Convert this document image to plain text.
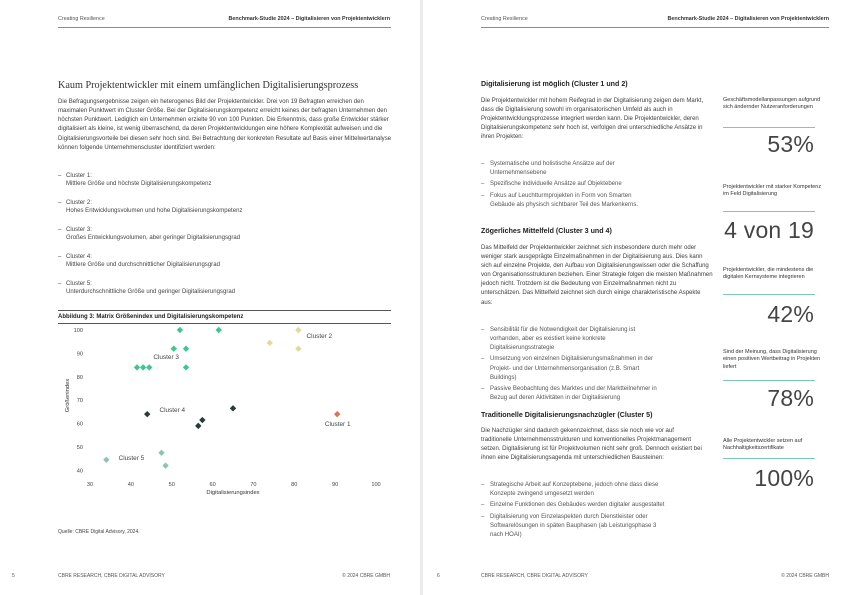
Creating Resilience	Benchmark-Studie 2024 – Digitalisieren von Projektentwicklern
Kaum Projektentwickler mit einem umfänglichen Digitalisierungsprozess

Die Befragungsergebnisse zeigen ein heterogenes Bild der Projektentwickler. Drei von 19 Befragten erreichen den maximalen Punktwert im Cluster Größe. Bei der Digitalisierungskompetenz erreicht keines der befragten Unternehmen den höchsten Punktwert. Lediglich ein Unternehmen erzielte 90 von 100 Punkten. Die Erkenntnis, dass große Entwickler stärker digitalisiert als kleine, ist wenig überraschend, da deren Projektentwicklungen eine höhere Komplexität aufweisen und die Digitalisierungsvorteile bei diesen sehr hoch sind. Bei Betrachtung der konkreten Resultate auf Basis einer Mittelwertanalyse können folgende Unternehmenscluster identifiziert werden:

– Cluster 1:
Mittlere Größe und höchste Digitalisierungskompetenz
– Cluster 2:
Hohes Entwicklungsvolumen und hohe Digitalisierungskompetenz
– Cluster 3:
Großes Entwicklungsvolumen, aber geringer Digitalisierungsgrad
– Cluster 4:
Mittlere Größe und durchschnittlicher Digitalisierungsgrad
– Cluster 5:
Unterdurchschnittliche Größe und geringer Digitalisierungsgrad
Abbildung 3: Matrix Größenindex und Digitalisierungskompetenz
40
50
60
70
80
90
100
30	40	50	60	70	80	90	100
Digitalisierungsindex
Größenindex
Cluster 1
Cluster 2
Cluster 3
Cluster 4
Cluster 5
Quelle: CBRE Digital Advisory, 2024.
5	CBRE RESEARCH, CBRE DIGITAL ADVISORY	© 2024 CBRE GMBH
Creating Resilience	Benchmark-Studie 2024 – Digitalisieren von Projektentwicklern
Digitalisierung ist möglich (Cluster 1 und 2)
Die Projektentwickler mit hohem Reifegrad in der Digitalisierung zeigen dem Markt, dass die Digitalisierung sowohl im organisatorischen Umfeld als auch in Projektentwicklungsprozesse integriert werden kann. Die Projektentwickler, deren Digitalisierungskompetenz sehr hoch ist, verfolgen drei unterschiedliche Ansätze in ihren Projekten:
– Systematische und holistische Ansätze auf der Unternehmensebene
– Spezifische individuelle Ansätze auf Objektebene
– Fokus auf Leuchtturmprojekten in Form von Smarten Gebäude als physisch sichtbarer Teil des Markenkerns.
Zögerliches Mittelfeld (Cluster 3 und 4)
Das Mittelfeld der Projektentwickler zeichnet sich insbesondere durch mehr oder weniger stark ausgeprägte Einzelmaßnahmen in der Digitalisierung aus. Dies kann sich auf einzelne Projekte, den Aufbau von Digitalisierungswissen oder die Schaffung von Organisationsstrukturen beziehen. Einer Strategie folgen die meisten Maßnahmen jedoch nicht. Trotzdem ist die Bedeutung von Einzelmaßnahmen nicht zu unterschätzen. Das Mittelfeld zeichnet sich durch einige charakteristische Aspekte aus:
– Sensibilität für die Notwendigkeit der Digitalisierung ist vorhanden, aber es existiert keine konkrete Digitalisierungsstrategie
– Umsetzung von einzelnen Digitalisierungsmaßnahmen in der Projekt- und der Unternehmensorganisation (z.B. Smart Buildings)
– Passive Beobachtung des Marktes und der Marktteilnehmer in Bezug auf deren Aktivitäten in der Digitalisierung
Traditionelle Digitalisierungsnachzügler (Cluster 5)
Die Nachzügler sind dadurch gekennzeichnet, dass sie noch wie vor auf traditionelle Unternehmensstrukturen und konventionelles Projektmanagement setzen. Digitalisierung ist für Projektvolumen nicht sehr groß. Dennoch existiert bei ihnen eine Digitalisierungsagenda mit unterschiedlichen Bausteinen:
– Strategische Arbeit auf Konzeptebene, jedoch ohne dass diese Konzepte zwingend umgesetzt werden
– Einzelne Funktionen des Gebäudes werden digitaler ausgestaltet
– Digitalisierung von Einzelaspekten durch Dienstleister oder Softwarelösungen in späten Bauphasen (ab Leistungsphase 3 nach HOAI)
Geschäftsmodellanpassungen aufgrund sich ändernder Nutzeranforderungen
53%
Projektentwickler mit starker Kompetenz im Feld Digitalisierung
4 von 19
Projektentwickler, die mindestens die digitalen Kernsysteme integrieren
42%
Sind der Meinung, dass Digitalisierung einen positiven Wertbeitrag in Projekten liefert
78%
Alle Projektentwickler setzen auf Nachhaltigkeitszertifikate
100%
6	CBRE RESEARCH, CBRE DIGITAL ADVISORY	© 2024 CBRE GMBH
